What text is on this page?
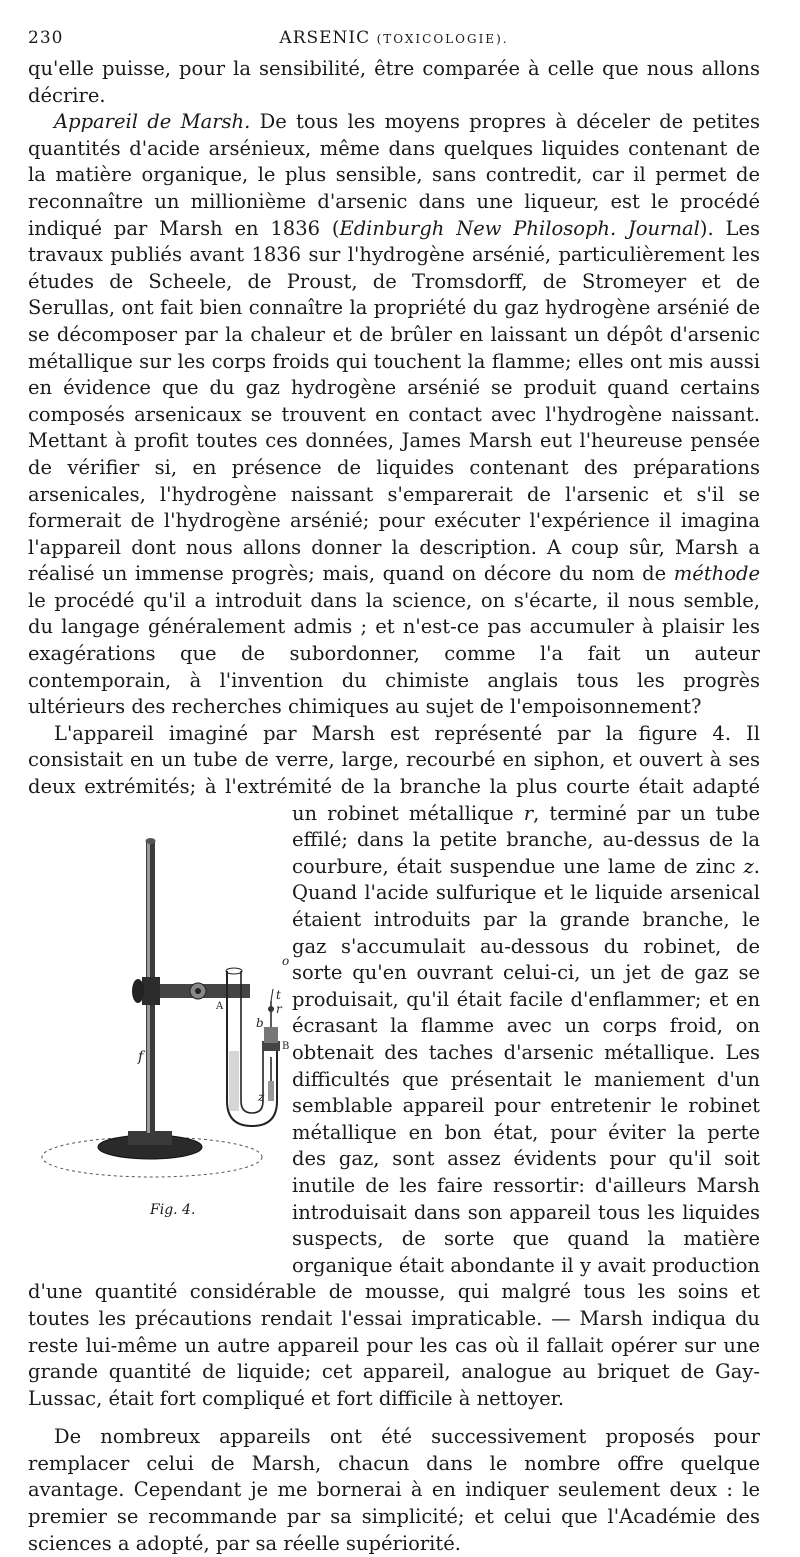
230	ARSENIC (TOXICOLOGIE).

qu'elle puisse, pour la sensibilité, être comparée à celle que nous allons décrire.

Appareil de Marsh. De tous les moyens propres à déceler de petites quantités d'acide arsénieux, même dans quelques liquides contenant de la matière organique, le plus sensible, sans contredit, car il permet de reconnaître un millionième d'arsenic dans une liqueur, est le procédé indiqué par Marsh en 1836 (Edinburgh New Philosoph. Journal). Les travaux publiés avant 1836 sur l'hydrogène arsénié, particulièrement les études de Scheele, de Proust, de Tromsdorff, de Stromeyer et de Serullas, ont fait bien connaître la propriété du gaz hydrogène arsénié de se décomposer par la chaleur et de brûler en laissant un dépôt d'arsenic métallique sur les corps froids qui touchent la flamme; elles ont mis aussi en évidence que du gaz hydrogène arsénié se produit quand certains composés arsenicaux se trouvent en contact avec l'hydrogène naissant. Mettant à profit toutes ces données, James Marsh eut l'heureuse pensée de vérifier si, en présence de liquides contenant des préparations arsenicales, l'hydrogène naissant s'emparerait de l'arsenic et s'il se formerait de l'hydrogène arsénié; pour exécuter l'expérience il imagina l'appareil dont nous allons donner la description. A coup sûr, Marsh a réalisé un immense progrès; mais, quand on décore du nom de méthode le procédé qu'il a introduit dans la science, on s'écarte, il nous semble, du langage généralement admis ; et n'est-ce pas accumuler à plaisir les exagérations que de subordonner, comme l'a fait un auteur contemporain, à l'invention du chimiste anglais tous les progrès ultérieurs des recherches chimiques au sujet de l'empoisonnement?

L'appareil imaginé par Marsh est représenté par la figure 4. Il consistait en un tube de verre, large, recourbé en siphon, et ouvert à ses deux extrémités; à l'extrémité de la branche la plus courte était adapté un robinet métallique
o
t
r
b
A
B
f
z
Fig. 4.
r, terminé par un tube effilé; dans la petite branche, au-dessus de la courbure, était suspendue une lame de zinc z. Quand l'acide sulfurique et le liquide arsenical étaient introduits par la grande branche, le gaz s'accumulait au-dessous du robinet, de sorte qu'en ouvrant celui-ci, un jet de gaz se produisait, qu'il était facile d'enflammer; et en écrasant la flamme avec un corps froid, on obtenait des taches d'arsenic métallique. Les difficultés que présentait le maniement d'un semblable appareil pour entretenir le robinet métallique en bon état, pour éviter la perte des gaz, sont assez évidents pour qu'il soit inutile de les faire ressortir: d'ailleurs Marsh introduisait dans son appareil tous les liquides suspects, de sorte que quand la matière organique était abondante il y avait production d'une quantité considérable de mousse, qui malgré tous les soins et toutes les précautions rendait l'essai impraticable. — Marsh indiqua du reste lui-même un autre appareil pour les cas où il fallait opérer sur une grande quantité de liquide; cet appareil, analogue au briquet de Gay-Lussac, était fort compliqué et fort difficile à nettoyer.

De nombreux appareils ont été successivement proposés pour remplacer celui de Marsh, chacun dans le nombre offre quelque avantage. Cependant je me bornerai à en indiquer seulement deux : le premier se recommande par sa simplicité; et celui que l'Académie des sciences a adopté, par sa réelle supériorité.
